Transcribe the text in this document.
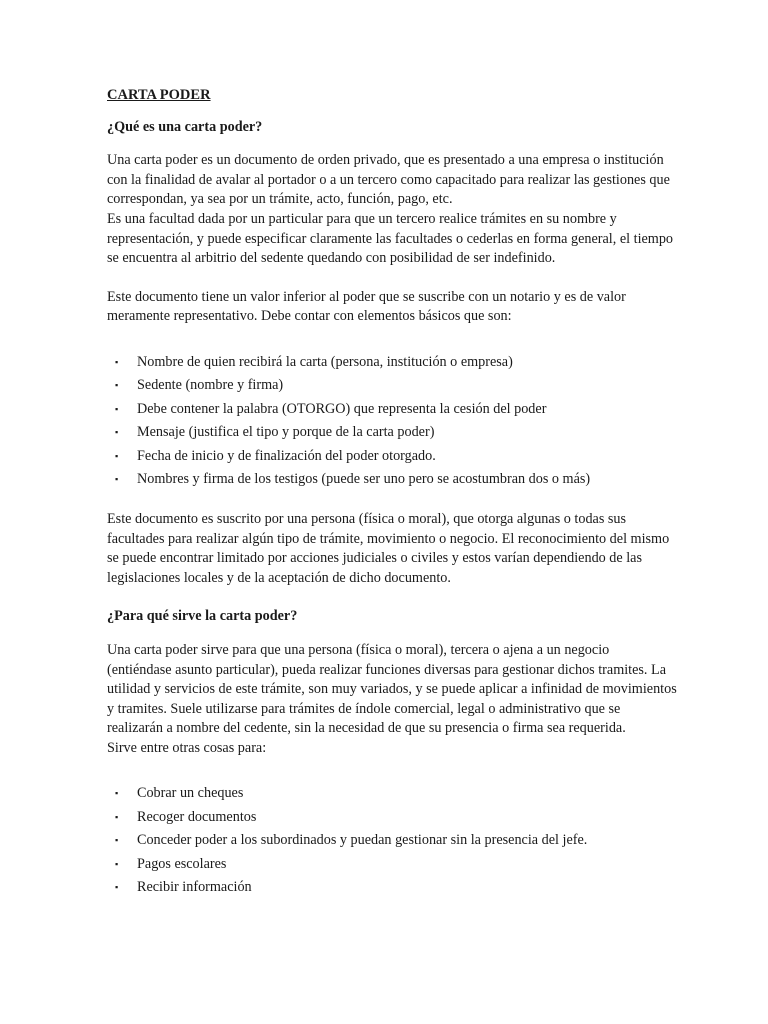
CARTA PODER
¿Qué es una carta poder?

Una carta poder es un documento de orden privado, que es presentado a una empresa o institución
con la finalidad de avalar al portador o a un tercero como capacitado para realizar las gestiones que
correspondan, ya sea por un trámite, acto, función, pago, etc.
Es una facultad dada por un particular para que un tercero realice trámites en su nombre y
representación, y puede especificar claramente las facultades o cederlas en forma general, el tiempo
se encuentra al arbitrio del sedente quedando con posibilidad de ser indefinido.

Este documento tiene un valor inferior al poder que se suscribe con un notario y es de valor
meramente representativo. Debe contar con elementos básicos que son:

▪ Nombre de quien recibirá la carta (persona, institución o empresa)
▪ Sedente (nombre y firma)
▪ Debe contener la palabra (OTORGO) que representa la cesión del poder
▪ Mensaje (justifica el tipo y porque de la carta poder)
▪ Fecha de inicio y de finalización del poder otorgado.
▪ Nombres y firma de los testigos (puede ser uno pero se acostumbran dos o más)

Este documento es suscrito por una persona (física o moral), que otorga algunas o todas sus
facultades para realizar algún tipo de trámite, movimiento o negocio. El reconocimiento del mismo
se puede encontrar limitado por acciones judiciales o civiles y estos varían dependiendo de las
legislaciones locales y de la aceptación de dicho documento.

¿Para qué sirve la carta poder?

Una carta poder sirve para que una persona (física o moral), tercera o ajena a un negocio
(entiéndase asunto particular), pueda realizar funciones diversas para gestionar dichos tramites. La
utilidad y servicios de este trámite, son muy variados, y se puede aplicar a infinidad de movimientos
y tramites. Suele utilizarse para trámites de índole comercial, legal o administrativo que se
realizarán a nombre del cedente, sin la necesidad de que su presencia o firma sea requerida.
Sirve entre otras cosas para:

▪ Cobrar un cheques
▪ Recoger documentos
▪ Conceder poder a los subordinados y puedan gestionar sin la presencia del jefe.
▪ Pagos escolares
▪ Recibir información
